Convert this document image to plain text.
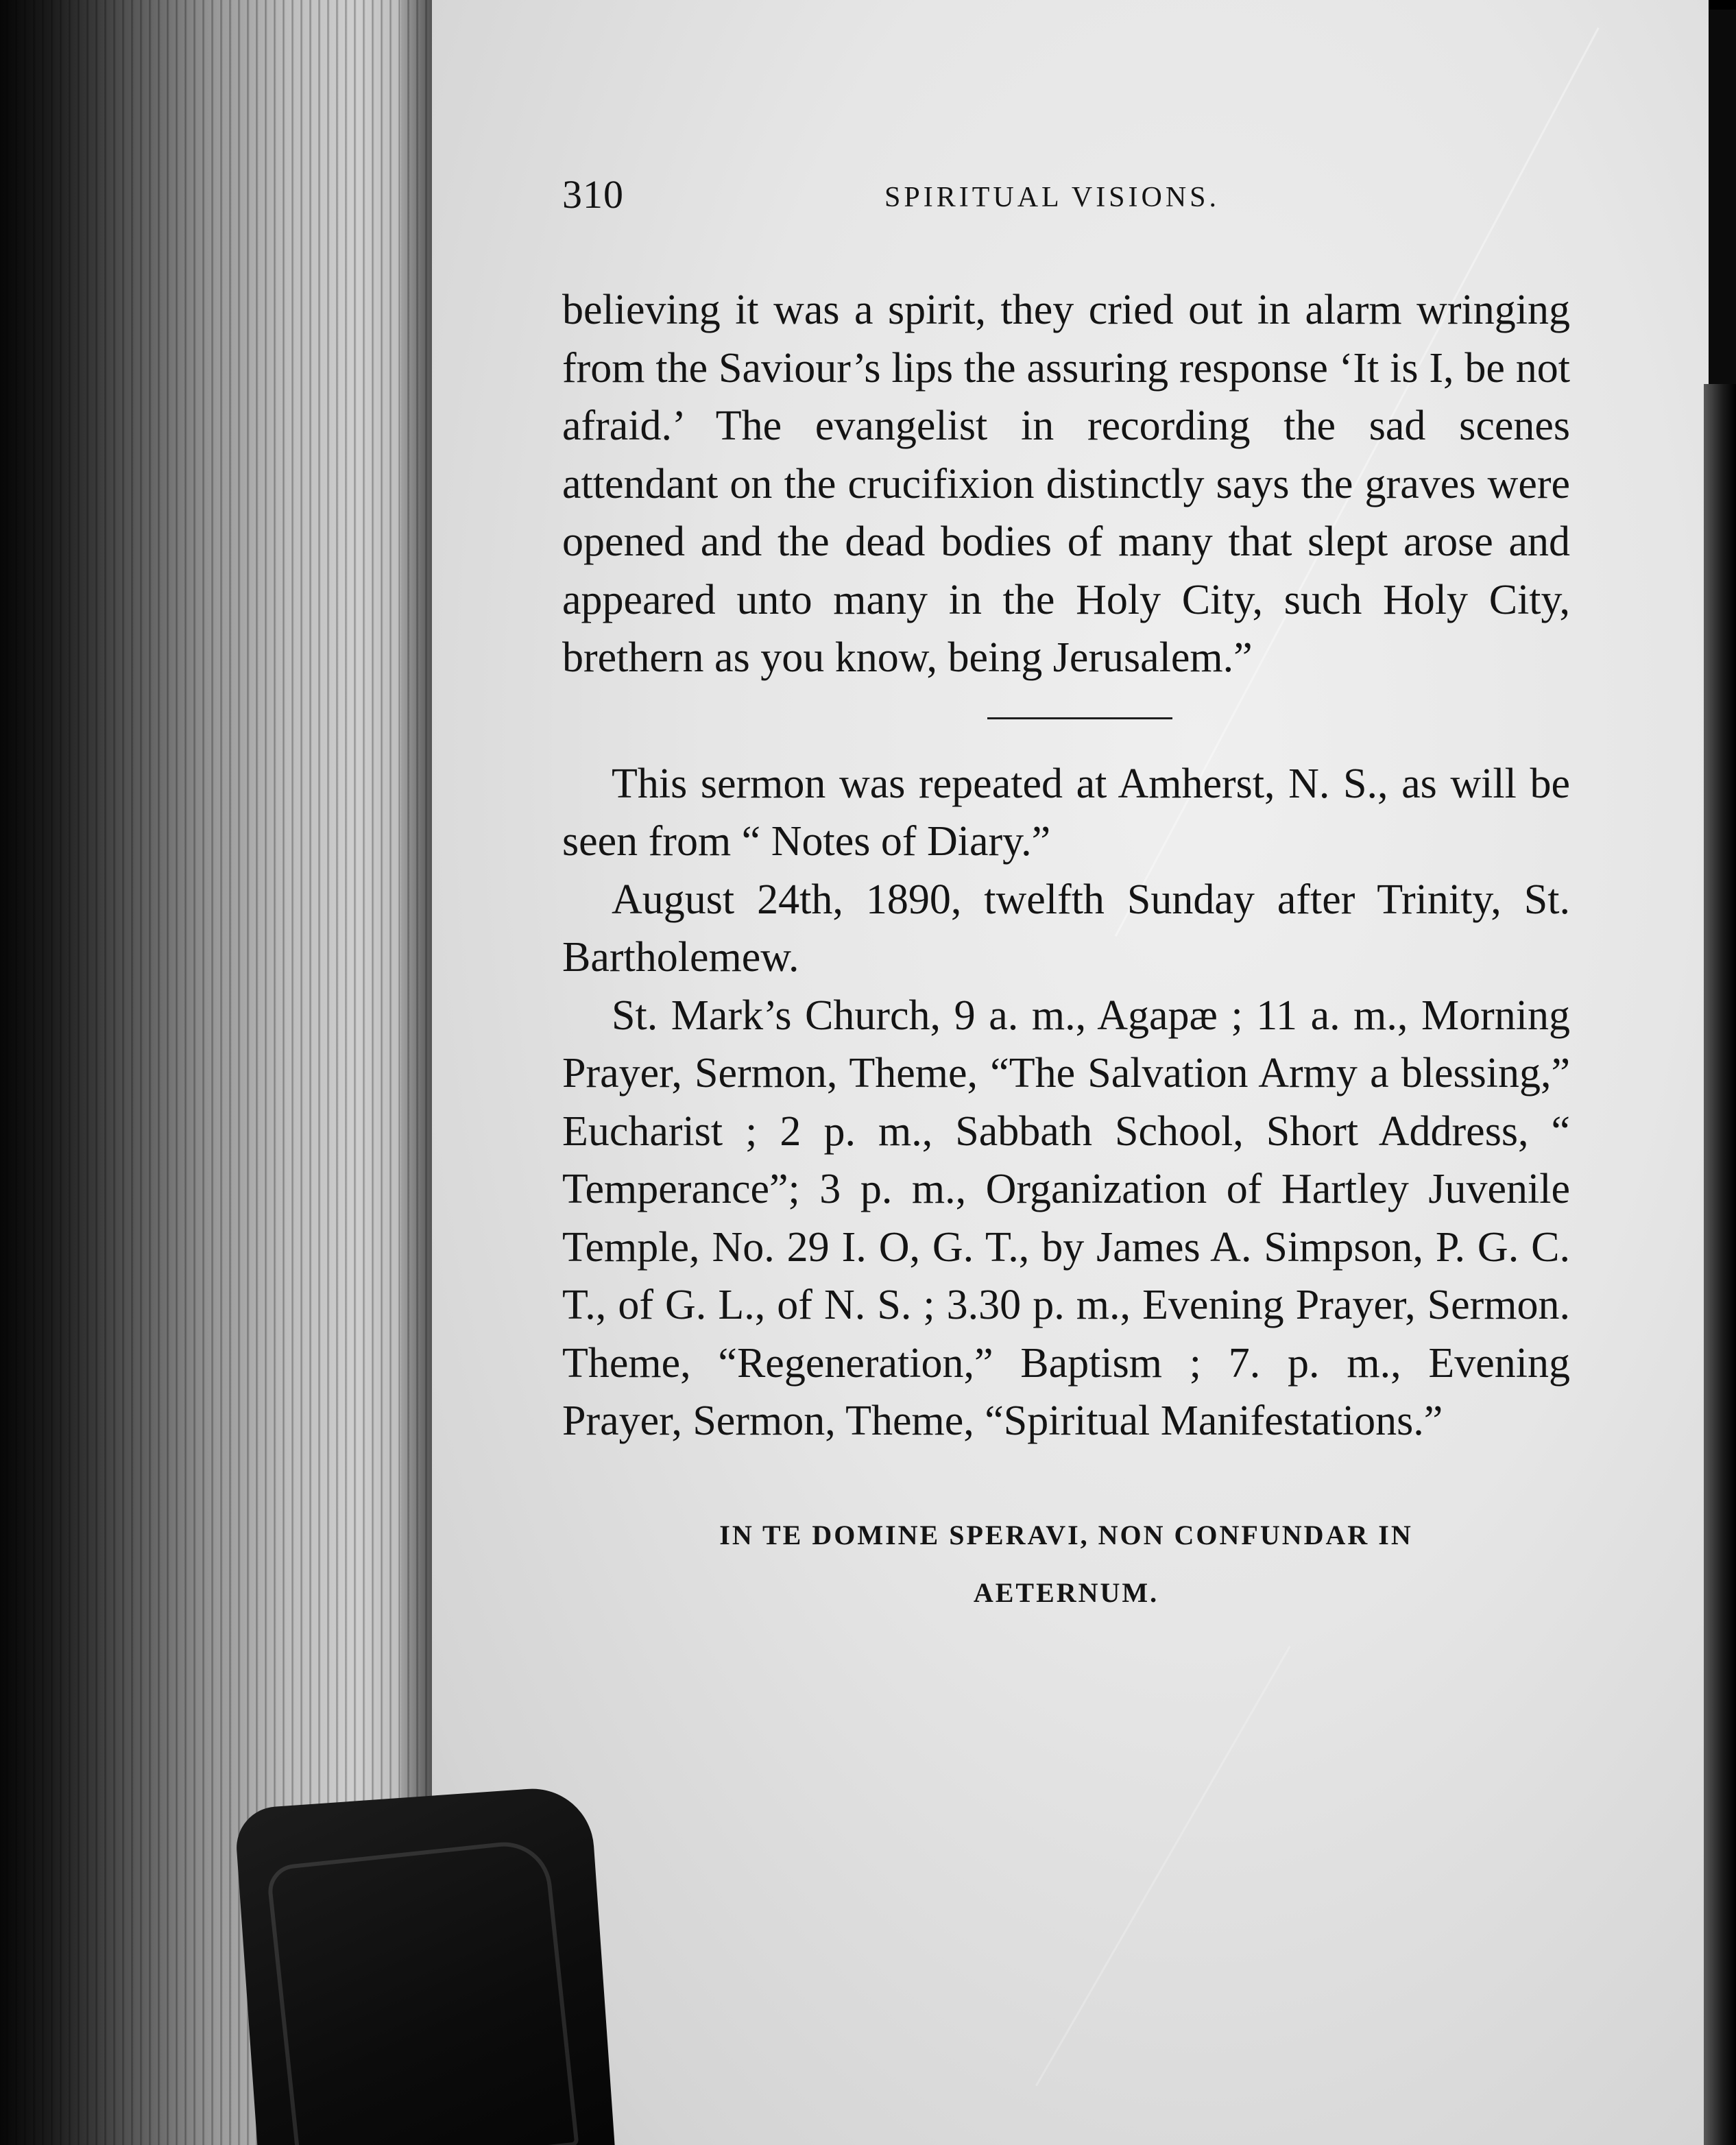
310	SPIRITUAL VISIONS.

believing it was a spirit, they cried out in alarm wringing from the Saviour’s lips the assuring response ‘It is I, be not afraid.’ The evangelist in recording the sad scenes attendant on the crucifixion distinctly says the graves were opened and the dead bodies of many that slept arose and appeared unto many in the Holy City, such Holy City, brethern as you know, being Jerusalem.”

This sermon was repeated at Amherst, N. S., as will be seen from “ Notes of Diary.”

August 24th, 1890, twelfth Sunday after Trinity, St. Bartholemew.

St. Mark’s Church, 9 a. m., Agapæ ; 11 a. m., Morning Prayer, Sermon, Theme, “The Salvation Army a blessing,” Eucharist ; 2 p. m., Sabbath School, Short Address, “ Temperance”; 3 p. m., Organization of Hartley Juvenile Temple, No. 29 I. O, G. T., by James A. Simpson, P. G. C. T., of G. L., of N. S. ; 3.30 p. m., Evening Prayer, Sermon. Theme, “Regeneration,” Baptism ; 7. p. m., Evening Prayer, Sermon, Theme, “Spiritual Manifestations.”

IN TE DOMINE SPERAVI, NON CONFUNDAR IN
AETERNUM.
